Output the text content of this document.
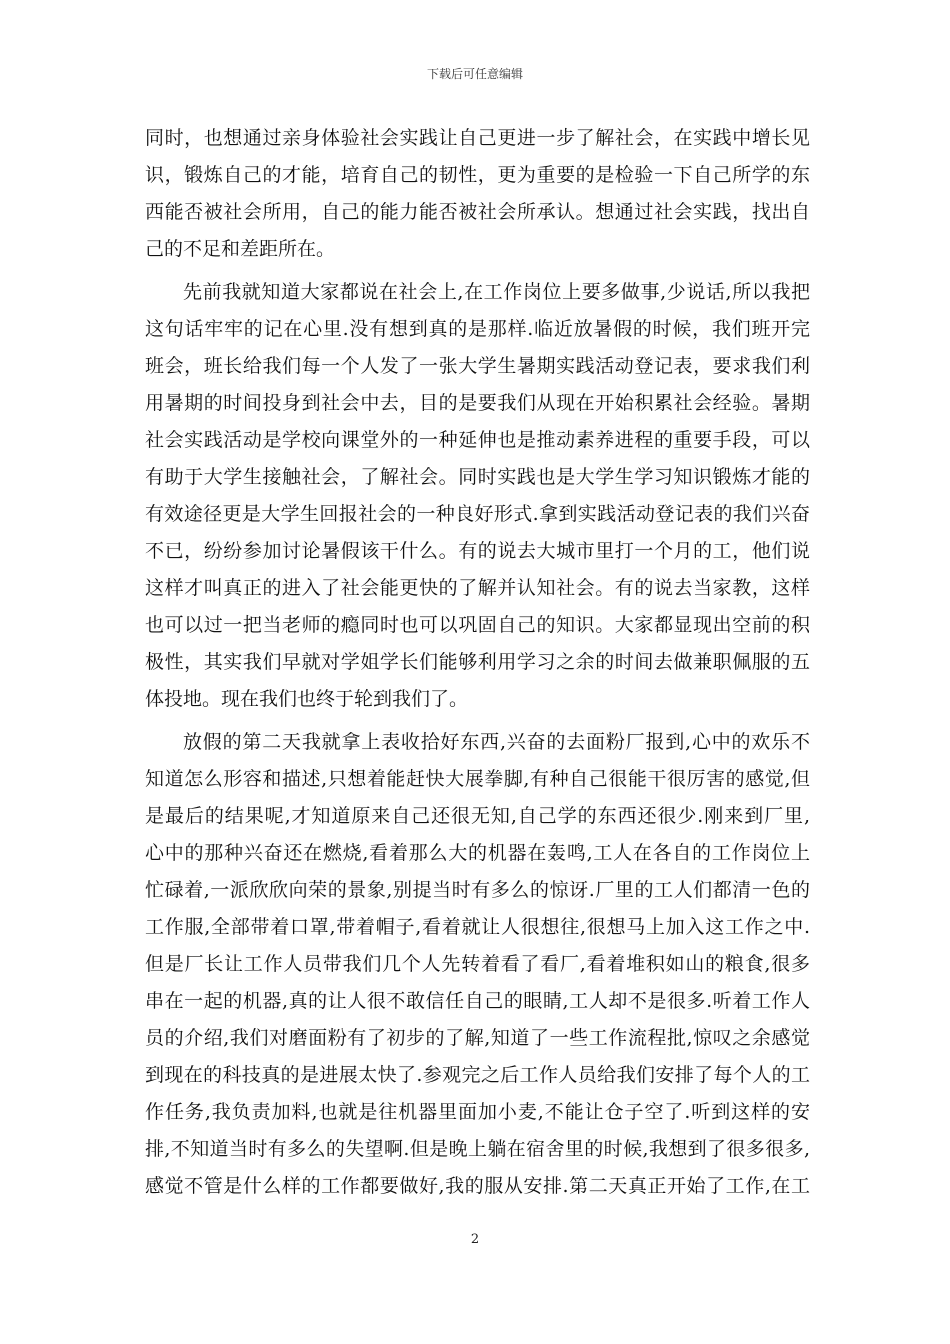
下载后可任意编辑
同时，也想通过亲身体验社会实践让自己更进一步了解社会，在实践中增长见
识，锻炼自己的才能，培育自己的韧性，更为重要的是检验一下自己所学的东
西能否被社会所用，自己的能力能否被社会所承认。想通过社会实践，找出自
己的不足和差距所在。
先前我就知道大家都说在社会上,在工作岗位上要多做事,少说话,所以我把
这句话牢牢的记在心里.没有想到真的是那样.临近放暑假的时候，我们班开完
班会，班长给我们每一个人发了一张大学生暑期实践活动登记表，要求我们利
用暑期的时间投身到社会中去，目的是要我们从现在开始积累社会经验。暑期
社会实践活动是学校向课堂外的一种延伸也是推动素养进程的重要手段，可以
有助于大学生接触社会，了解社会。同时实践也是大学生学习知识锻炼才能的
有效途径更是大学生回报社会的一种良好形式.拿到实践活动登记表的我们兴奋
不已，纷纷参加讨论暑假该干什么。有的说去大城市里打一个月的工，他们说
这样才叫真正的进入了社会能更快的了解并认知社会。有的说去当家教，这样
也可以过一把当老师的瘾同时也可以巩固自己的知识。大家都显现出空前的积
极性，其实我们早就对学姐学长们能够利用学习之余的时间去做兼职佩服的五
体投地。现在我们也终于轮到我们了。
放假的第二天我就拿上表收拾好东西,兴奋的去面粉厂报到,心中的欢乐不
知道怎么形容和描述,只想着能赶快大展拳脚,有种自己很能干很厉害的感觉,但
是最后的结果呢,才知道原来自己还很无知,自己学的东西还很少.刚来到厂里,
心中的那种兴奋还在燃烧,看着那么大的机器在轰鸣,工人在各自的工作岗位上
忙碌着,一派欣欣向荣的景象,别提当时有多么的惊讶.厂里的工人们都清一色的
工作服,全部带着口罩,带着帽子,看着就让人很想往,很想马上加入这工作之中.
但是厂长让工作人员带我们几个人先转着看了看厂,看着堆积如山的粮食,很多
串在一起的机器,真的让人很不敢信任自己的眼睛,工人却不是很多.听着工作人
员的介绍,我们对磨面粉有了初步的了解,知道了一些工作流程批,惊叹之余感觉
到现在的科技真的是进展太快了.参观完之后工作人员给我们安排了每个人的工
作任务,我负责加料,也就是往机器里面加小麦,不能让仓子空了.听到这样的安
排,不知道当时有多么的失望啊.但是晚上躺在宿舍里的时候,我想到了很多很多,
感觉不管是什么样的工作都要做好,我的服从安排.第二天真正开始了工作,在工
2
